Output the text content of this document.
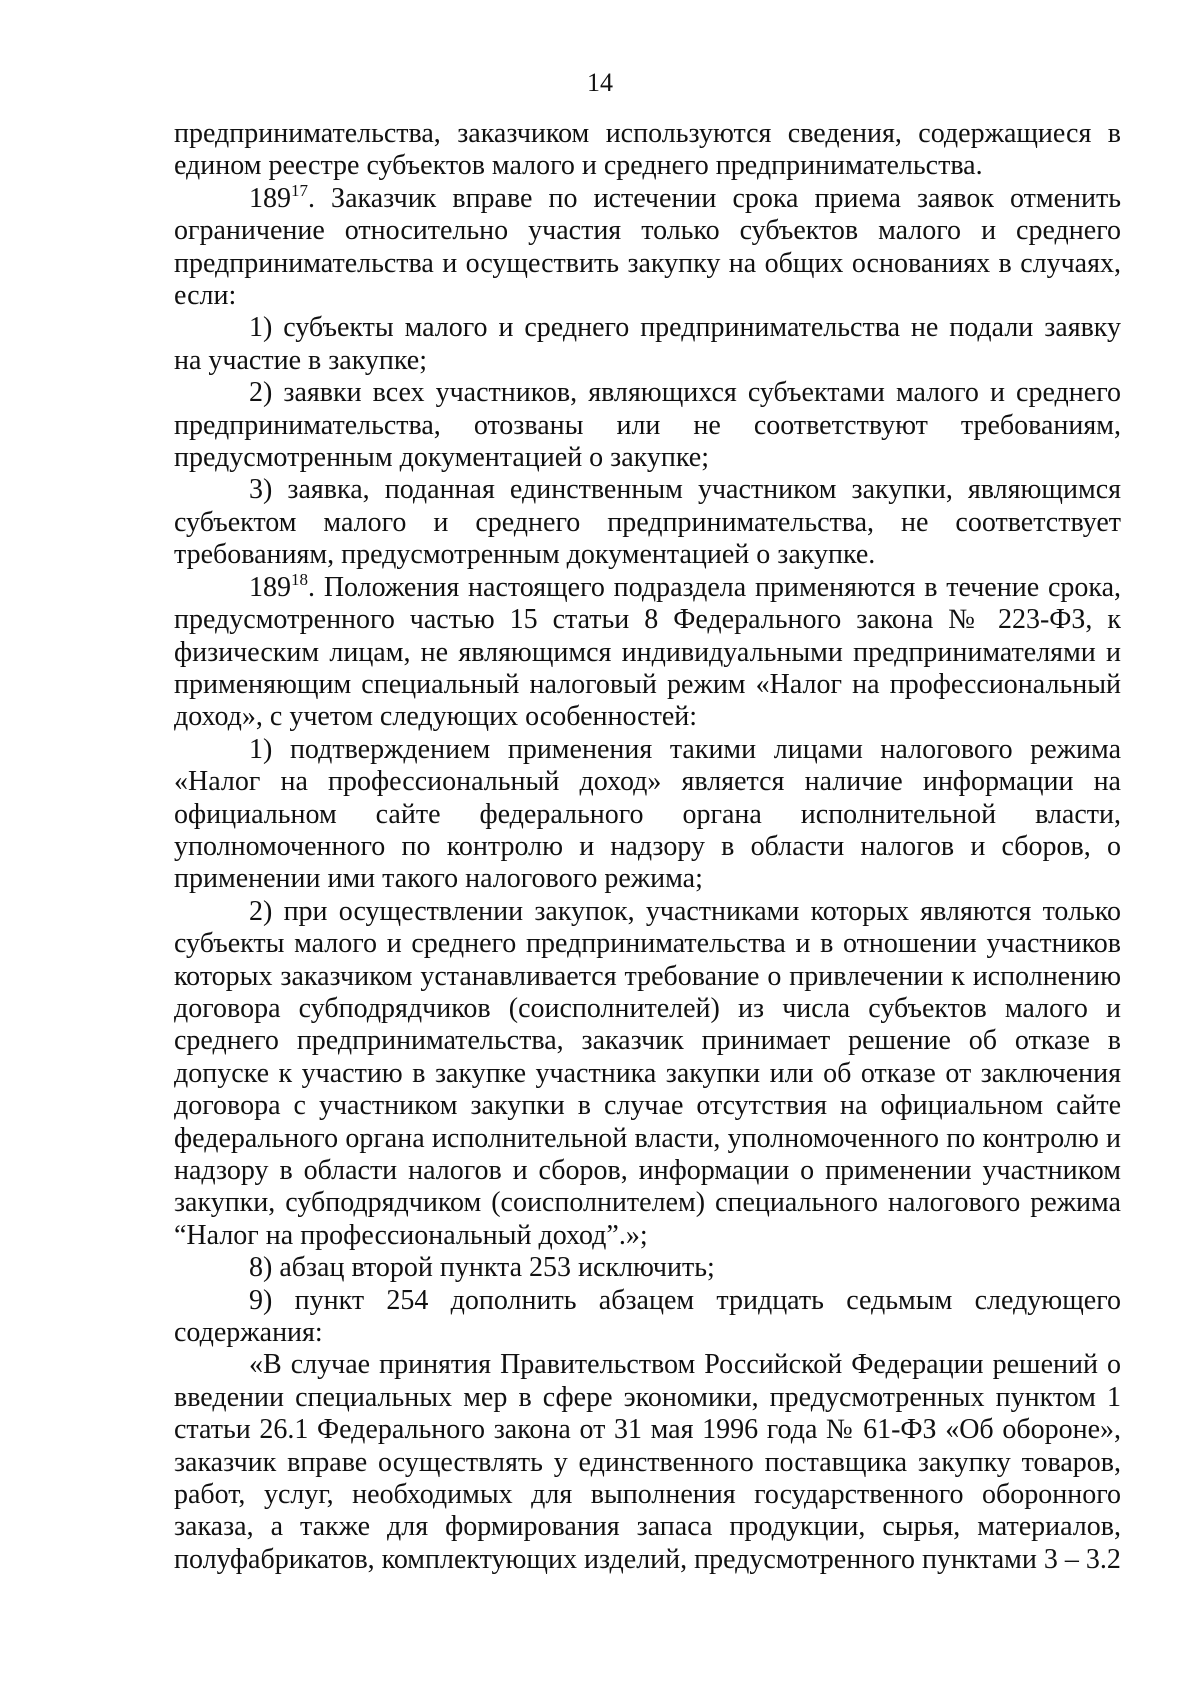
14

предпринимательства, заказчиком используются сведения, содержащиеся в едином реестре субъектов малого и среднего предпринимательства.

$189^{17}$. Заказчик вправе по истечении срока приема заявок отменить ограничение относительно участия только субъектов малого и среднего предпринимательства и осуществить закупку на общих основаниях в случаях, если:

1) субъекты малого и среднего предпринимательства не подали заявку на участие в закупке;

2) заявки всех участников, являющихся субъектами малого и среднего предпринимательства, отозваны или не соответствуют требованиям, предусмотренным документацией о закупке;

3) заявка, поданная единственным участником закупки, являющимся субъектом малого и среднего предпринимательства, не соответствует требованиям, предусмотренным документацией о закупке.

$189^{18}$. Положения настоящего подраздела применяются в течение срока, предусмотренного частью 15 статьи 8 Федерального закона № 223-ФЗ, к физическим лицам, не являющимся индивидуальными предпринимателями и применяющим специальный налоговый режим «Налог на профессиональный доход», с учетом следующих особенностей:

1) подтверждением применения такими лицами налогового режима «Налог на профессиональный доход» является наличие информации на официальном сайте федерального органа исполнительной власти, уполномоченного по контролю и надзору в области налогов и сборов, о применении ими такого налогового режима;

2) при осуществлении закупок, участниками которых являются только субъекты малого и среднего предпринимательства и в отношении участников которых заказчиком устанавливается требование о привлечении к исполнению договора субподрядчиков (соисполнителей) из числа субъектов малого и среднего предпринимательства, заказчик принимает решение об отказе в допуске к участию в закупке участника закупки или об отказе от заключения договора с участником закупки в случае отсутствия на официальном сайте федерального органа исполнительной власти, уполномоченного по контролю и надзору в области налогов и сборов, информации о применении участником закупки, субподрядчиком (соисполнителем) специального налогового режима “Налог на профессиональный доход”.»;

8) абзац второй пункта 253 исключить;

9) пункт 254 дополнить абзацем тридцать седьмым следующего содержания:

«В случае принятия Правительством Российской Федерации решений о введении специальных мер в сфере экономики, предусмотренных пунктом 1 статьи 26.1 Федерального закона от 31 мая 1996 года № 61-ФЗ «Об обороне», заказчик вправе осуществлять у единственного поставщика закупку товаров, работ, услуг, необходимых для выполнения государственного оборонного заказа, а также для формирования запаса продукции, сырья, материалов, полуфабрикатов, комплектующих изделий, предусмотренного пунктами 3 – 3.2
